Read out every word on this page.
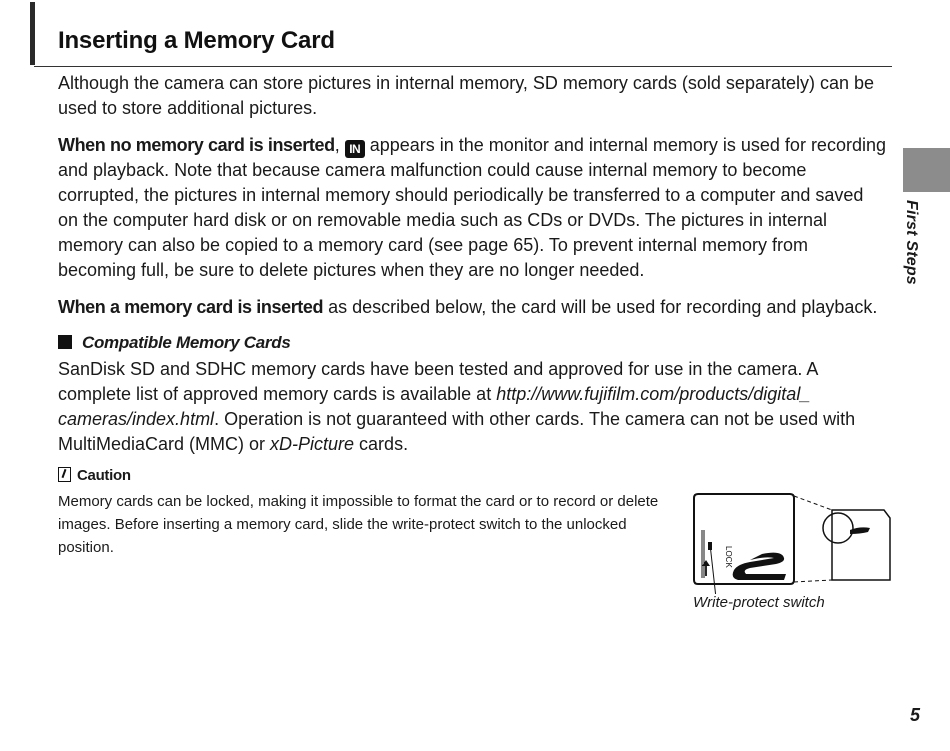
Inserting a Memory Card

Although the camera can store pictures in internal memory, SD memory cards (sold separately) can be used to store additional pictures.

When no memory card is inserted, IN appears in the monitor and internal memory is used for recording and playback. Note that because camera malfunction could cause internal memory to become corrupted, the pictures in internal memory should periodically be transferred to a computer and saved on the computer hard disk or on removable media such as CDs or DVDs. The pictures in internal memory can also be copied to a memory card (see page 65). To prevent internal memory from becoming full, be sure to delete pictures when they are no longer needed.

When a memory card is inserted as described below, the card will be used for recording and playback.

Compatible Memory Cards

SanDisk SD and SDHC memory cards have been tested and approved for use in the camera. A complete list of approved memory cards is available at http://www.fujifilm.com/products/digital_ cameras/index.html. Operation is not guaranteed with other cards. The camera can not be used with MultiMediaCard (MMC) or xD-Picture cards.

Caution

Memory cards can be locked, making it impossible to format the card or to record or delete images. Before inserting a memory card, slide the write-protect switch to the unlocked position.	LOCK
Write-protect switch
First Steps
5
